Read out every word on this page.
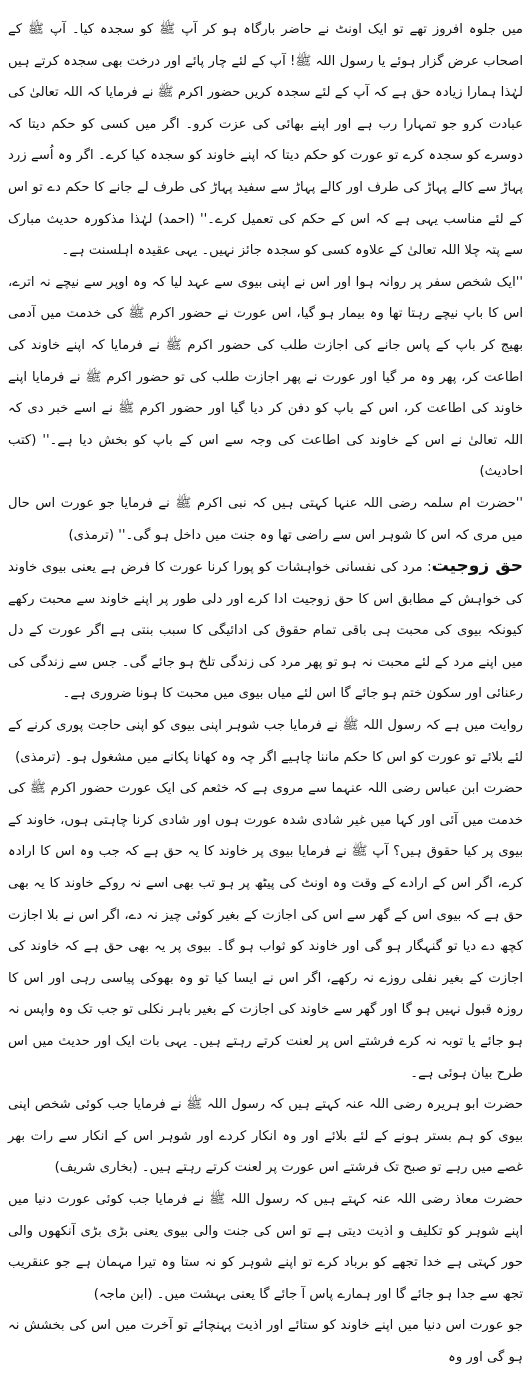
میں جلوہ افروز تھے تو ایک اونٹ نے حاضر بارگاہ ہو کر آپ ﷺ کو سجدہ کیا۔ آپ ﷺ کے اصحاب عرض گزار ہوئے یا رسول اللہ ﷺ! آپ کے لئے چار پائے اور درخت بھی سجدہ کرتے ہیں لہٰذا ہمارا زیادہ حق ہے کہ آپ کے لئے سجدہ کریں حضور اکرم ﷺ نے فرمایا کہ اللہ تعالیٰ کی عبادت کرو جو تمہارا رب ہے اور اپنے بھائی کی عزت کرو۔ اگر میں کسی کو حکم دیتا کہ دوسرے کو سجدہ کرے تو عورت کو حکم دیتا کہ اپنے خاوند کو سجدہ کیا کرے۔ اگر وہ اُسے زرد پہاڑ سے کالے پہاڑ کی طرف اور کالے پہاڑ سے سفید پہاڑ کی طرف لے جانے کا حکم دے تو اس کے لئے مناسب یہی ہے کہ اس کے حکم کی تعمیل کرے۔'' (احمد) لہٰذا مذکورہ حدیث مبارک سے پتہ چلا اللہ تعالیٰ کے علاوہ کسی کو سجدہ جائز نہیں۔ یہی عقیدہ اہلسنت ہے۔

''ایک شخص سفر پر روانہ ہوا اور اس نے اپنی بیوی سے عہد لیا کہ وہ اوپر سے نیچے نہ اترے، اس کا باپ نیچے رہتا تھا وہ بیمار ہو گیا، اس عورت نے حضور اکرم ﷺ کی خدمت میں آدمی بھیج کر باپ کے پاس جانے کی اجازت طلب کی حضور اکرم ﷺ نے فرمایا کہ اپنے خاوند کی اطاعت کر، پھر وہ مر گیا اور عورت نے پھر اجازت طلب کی تو حضور اکرم ﷺ نے فرمایا اپنے خاوند کی اطاعت کر، اس کے باپ کو دفن کر دیا گیا اور حضور اکرم ﷺ نے اسے خبر دی کہ اللہ تعالیٰ نے اس کے خاوند کی اطاعت کی وجہ سے اس کے باپ کو بخش دیا ہے۔'' (کتب احادیث)

''حضرت ام سلمہ رضی اللہ عنہا کہتی ہیں کہ نبی اکرم ﷺ نے فرمایا جو عورت اس حال میں مری کہ اس کا شوہر اس سے راضی تھا وہ جنت میں داخل ہو گی۔'' (ترمذی)

حق زوجیت: مرد کی نفسانی خواہشات کو پورا کرنا عورت کا فرض ہے یعنی بیوی خاوند کی خواہش کے مطابق اس کا حق زوجیت ادا کرے اور دلی طور پر اپنے خاوند سے محبت رکھے کیونکہ بیوی کی محبت ہی باقی تمام حقوق کی ادائیگی کا سبب بنتی ہے اگر عورت کے دل میں اپنے مرد کے لئے محبت نہ ہو تو پھر مرد کی زندگی تلخ ہو جائے گی۔ جس سے زندگی کی رعنائی اور سکون ختم ہو جائے گا اس لئے میاں بیوی میں محبت کا ہونا ضروری ہے۔

روایت میں ہے کہ رسول اللہ ﷺ نے فرمایا جب شوہر اپنی بیوی کو اپنی حاجت پوری کرنے کے لئے بلائے تو عورت کو اس کا حکم ماننا چاہیے اگر چہ وہ کھانا پکانے میں مشغول ہو۔ (ترمذی)

حضرت ابن عباس رضی اللہ عنہما سے مروی ہے کہ خثعم کی ایک عورت حضور اکرم ﷺ کی خدمت میں آئی اور کہا میں غیر شادی شدہ عورت ہوں اور شادی کرنا چاہتی ہوں، خاوند کے بیوی پر کیا حقوق ہیں؟ آپ ﷺ نے فرمایا بیوی پر خاوند کا یہ حق ہے کہ جب وہ اس کا ارادہ کرے، اگر اس کے ارادے کے وقت وہ اونٹ کی پیٹھ پر ہو تب بھی اسے نہ روکے خاوند کا یہ بھی حق ہے کہ بیوی اس کے گھر سے اس کی اجازت کے بغیر کوئی چیز نہ دے، اگر اس نے بلا اجازت کچھ دے دیا تو گنہگار ہو گی اور خاوند کو ثواب ہو گا۔ بیوی پر یہ بھی حق ہے کہ خاوند کی اجازت کے بغیر نفلی روزے نہ رکھے، اگر اس نے ایسا کیا تو وہ بھوکی پیاسی رہی اور اس کا روزہ قبول نہیں ہو گا اور گھر سے خاوند کی اجازت کے بغیر باہر نکلی تو جب تک وہ واپس نہ ہو جائے یا توبہ نہ کرے فرشتے اس پر لعنت کرتے رہتے ہیں۔ یہی بات ایک اور حدیث میں اس طرح بیان ہوئی ہے۔

حضرت ابو ہریرہ رضی اللہ عنہ کہتے ہیں کہ رسول اللہ ﷺ نے فرمایا جب کوئی شخص اپنی بیوی کو ہم بستر ہونے کے لئے بلائے اور وہ انکار کردے اور شوہر اس کے انکار سے رات بھر غصے میں رہے تو صبح تک فرشتے اس عورت پر لعنت کرتے رہتے ہیں۔ (بخاری شریف)

حضرت معاذ رضی اللہ عنہ کہتے ہیں کہ رسول اللہ ﷺ نے فرمایا جب کوئی عورت دنیا میں اپنے شوہر کو تکلیف و اذیت دیتی ہے تو اس کی جنت والی بیوی یعنی بڑی بڑی آنکھوں والی حور کہتی ہے خدا تجھے کو برباد کرے تو اپنے شوہر کو نہ ستا وہ تیرا مہمان ہے جو عنقریب تجھ سے جدا ہو جائے گا اور ہمارے پاس آ جائے گا یعنی بہشت میں۔ (ابن ماجہ)

جو عورت اس دنیا میں اپنے خاوند کو ستائے اور اذیت پہنچائے تو آخرت میں اس کی بخشش نہ ہو گی اور وہ
